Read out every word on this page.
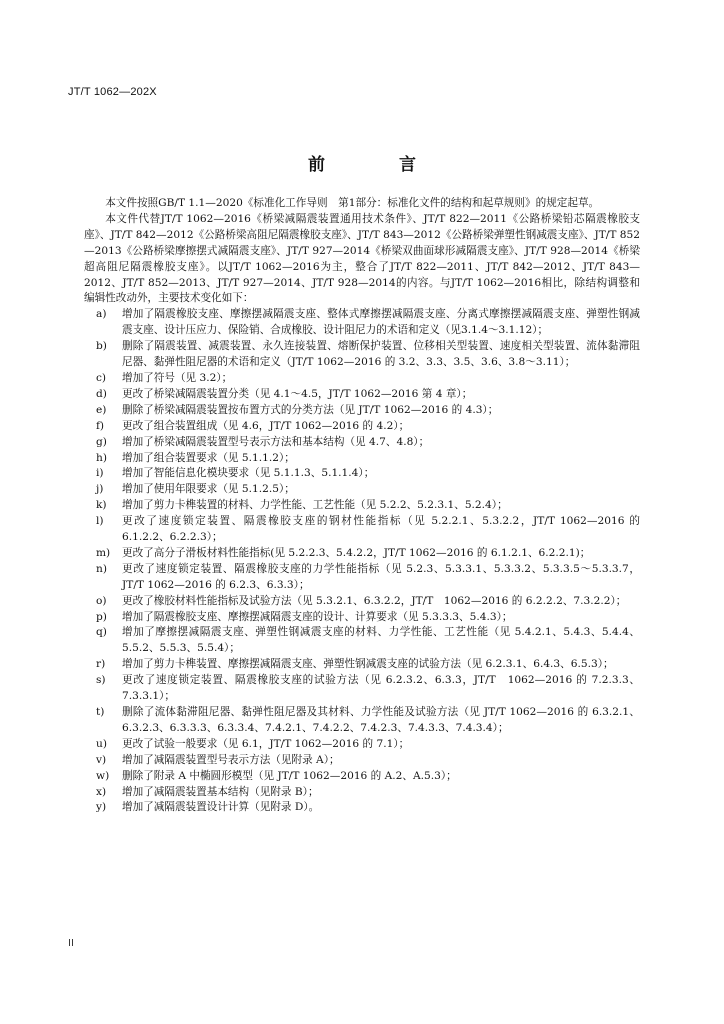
JT/T 1062—202X
前 言

本文件按照GB/T 1.1—2020《标准化工作导则　第1部分：标准化文件的结构和起草规则》的规定起草。

本文件代替JT/T 1062—2016《桥梁减隔震装置通用技术条件》、JT/T 822—2011《公路桥梁铅芯隔震橡胶支座》、JT/T 842—2012《公路桥梁高阻尼隔震橡胶支座》、JT/T 843—2012《公路桥梁弹塑性钢减震支座》、JT/T 852—2013《公路桥梁摩擦摆式减隔震支座》、JT/T 927—2014《桥梁双曲面球形减隔震支座》、JT/T 928—2014《桥梁超高阻尼隔震橡胶支座》。以JT/T 1062—2016为主，整合了JT/T 822—2011、JT/T 842—2012、JT/T 843—2012、JT/T 852—2013、JT/T 927—2014、JT/T 928—2014的内容。与JT/T 1062—2016相比，除结构调整和编辑性改动外，主要技术变化如下：

a)	增加了隔震橡胶支座、摩擦摆减隔震支座、整体式摩擦摆减隔震支座、分离式摩擦摆减隔震支座、弹塑性钢减震支座、设计压应力、保险销、合成橡胶、设计阻尼力的术语和定义（见3.1.4～3.1.12）；
b)	删除了隔震装置、减震装置、永久连接装置、熔断保护装置、位移相关型装置、速度相关型装置、流体黏滞阻尼器、黏弹性阻尼器的术语和定义（JT/T 1062—2016 的 3.2、3.3、3.5、3.6、3.8～3.11）；
c)	增加了符号（见 3.2）；
d)	更改了桥梁减隔震装置分类（见 4.1～4.5，JT/T 1062—2016 第 4 章）；
e)	删除了桥梁减隔震装置按布置方式的分类方法（见 JT/T 1062—2016 的 4.3）；
f)	更改了组合装置组成（见 4.6，JT/T 1062—2016 的 4.2）；
g)	增加了桥梁减隔震装置型号表示方法和基本结构（见 4.7、4.8）；
h)	增加了组合装置要求（见 5.1.1.2）；
i)	增加了智能信息化模块要求（见 5.1.1.3、5.1.1.4）；
j)	增加了使用年限要求（见 5.1.2.5）；
k)	增加了剪力卡榫装置的材料、力学性能、工艺性能（见 5.2.2、5.2.3.1、5.2.4）；
l)	更改了速度锁定装置、隔震橡胶支座的钢材性能指标（见 5.2.2.1、5.3.2.2，JT/T 1062—2016 的 6.1.2.2、6.2.2.3）；
m)	更改了高分子滑板材料性能指标(见 5.2.2.3、5.4.2.2，JT/T 1062—2016 的 6.1.2.1、6.2.2.1)；
n)	更改了速度锁定装置、隔震橡胶支座的力学性能指标（见 5.2.3、5.3.3.1、5.3.3.2、5.3.3.5～5.3.3.7，JT/T 1062—2016 的 6.2.3、6.3.3）；
o)	更改了橡胶材料性能指标及试验方法（见 5.3.2.1、6.3.2.2，JT/T　1062—2016 的 6.2.2.2、7.3.2.2）；
p)	增加了隔震橡胶支座、摩擦摆减隔震支座的设计、计算要求（见 5.3.3.3、5.4.3）；
q)	增加了摩擦摆减隔震支座、弹塑性钢减震支座的材料、力学性能、工艺性能（见 5.4.2.1、5.4.3、5.4.4、5.5.2、5.5.3、5.5.4）；
r)	增加了剪力卡榫装置、摩擦摆减隔震支座、弹塑性钢减震支座的试验方法（见 6.2.3.1、6.4.3、6.5.3）；
s)	更改了速度锁定装置、隔震橡胶支座的试验方法（见 6.2.3.2、6.3.3，JT/T　1062—2016 的 7.2.3.3、7.3.3.1）；
t)	删除了流体黏滞阻尼器、黏弹性阻尼器及其材料、力学性能及试验方法（见 JT/T 1062—2016 的 6.3.2.1、6.3.2.3、6.3.3.3、6.3.3.4、7.4.2.1、7.4.2.2、7.4.2.3、7.4.3.3、7.4.3.4）；
u)	更改了试验一般要求（见 6.1，JT/T 1062—2016 的 7.1）；
v)	增加了减隔震装置型号表示方法（见附录 A）；
w)	删除了附录 A 中椭圆形模型（见 JT/T 1062—2016 的 A.2、A.5.3）；
x)	增加了减隔震装置基本结构（见附录 B）；
y)	增加了减隔震装置设计计算（见附录 D）。
II
